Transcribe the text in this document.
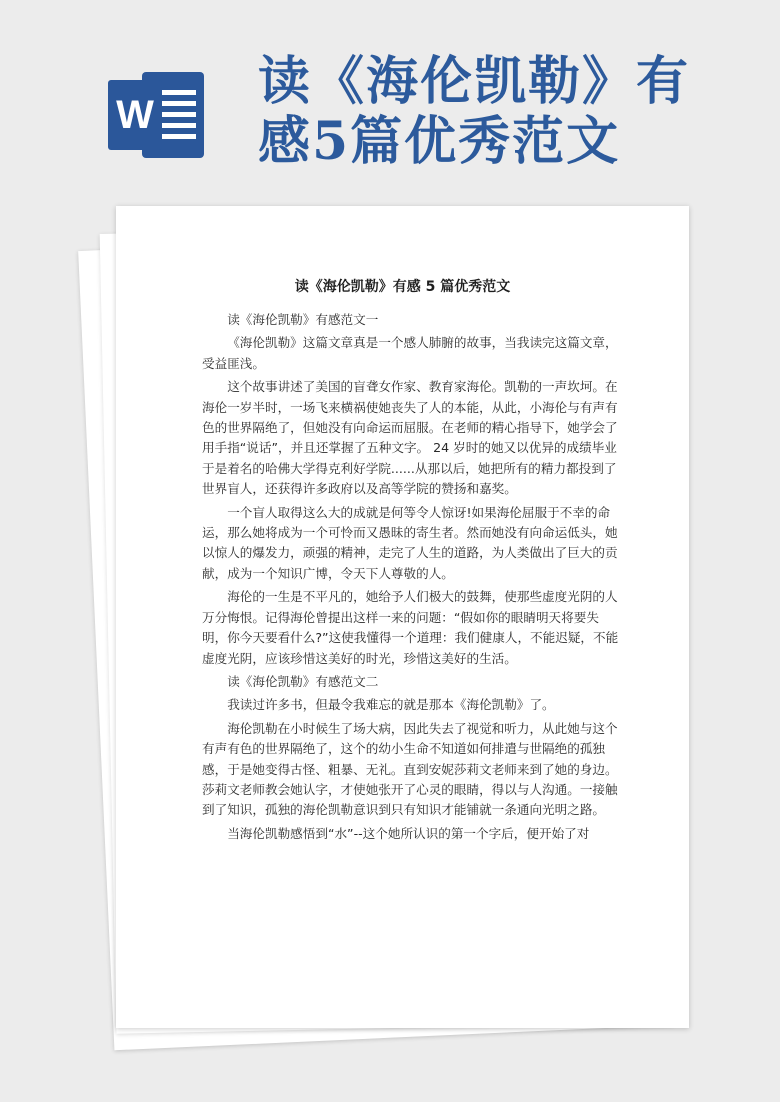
W
读《海伦凯勒》有感5篇优秀范文
读《海伦凯勒》有感 5 篇优秀范文

读《海伦凯勒》有感范文一

《海伦凯勒》这篇文章真是一个感人肺腑的故事，当我读完这篇文章，受益匪浅。

这个故事讲述了美国的盲聋女作家、教育家海伦。凯勒的一声坎坷。在海伦一岁半时，一场飞来横祸使她丧失了人的本能，从此，小海伦与有声有色的世界隔绝了，但她没有向命运而屈服。在老师的精心指导下，她学会了用手指“说话”，并且还掌握了五种文字。 24 岁时的她又以优异的成绩毕业于是着名的哈佛大学得克利好学院......从那以后，她把所有的精力都投到了世界盲人，还获得许多政府以及高等学院的赞扬和嘉奖。

一个盲人取得这么大的成就是何等令人惊讶!如果海伦屈服于不幸的命运，那么她将成为一个可怜而又愚昧的寄生者。然而她没有向命运低头，她以惊人的爆发力，顽强的精神，走完了人生的道路，为人类做出了巨大的贡献，成为一个知识广博，令天下人尊敬的人。

海伦的一生是不平凡的，她给予人们极大的鼓舞，使那些虚度光阴的人万分悔恨。记得海伦曾提出这样一来的问题：“假如你的眼睛明天将要失明，你今天要看什么?”这使我懂得一个道理：我们健康人，不能迟疑，不能虚度光阴，应该珍惜这美好的时光，珍惜这美好的生活。

读《海伦凯勒》有感范文二

我读过许多书，但最令我难忘的就是那本《海伦凯勒》了。

海伦凯勒在小时候生了场大病，因此失去了视觉和听力，从此她与这个有声有色的世界隔绝了，这个的幼小生命不知道如何排遣与世隔绝的孤独感，于是她变得古怪、粗暴、无礼。直到安妮莎莉文老师来到了她的身边。莎莉文老师教会她认字，才使她张开了心灵的眼睛，得以与人沟通。一接触到了知识，孤独的海伦凯勒意识到只有知识才能铺就一条通向光明之路。

当海伦凯勒感悟到“水”--这个她所认识的第一个字后，便开始了对
